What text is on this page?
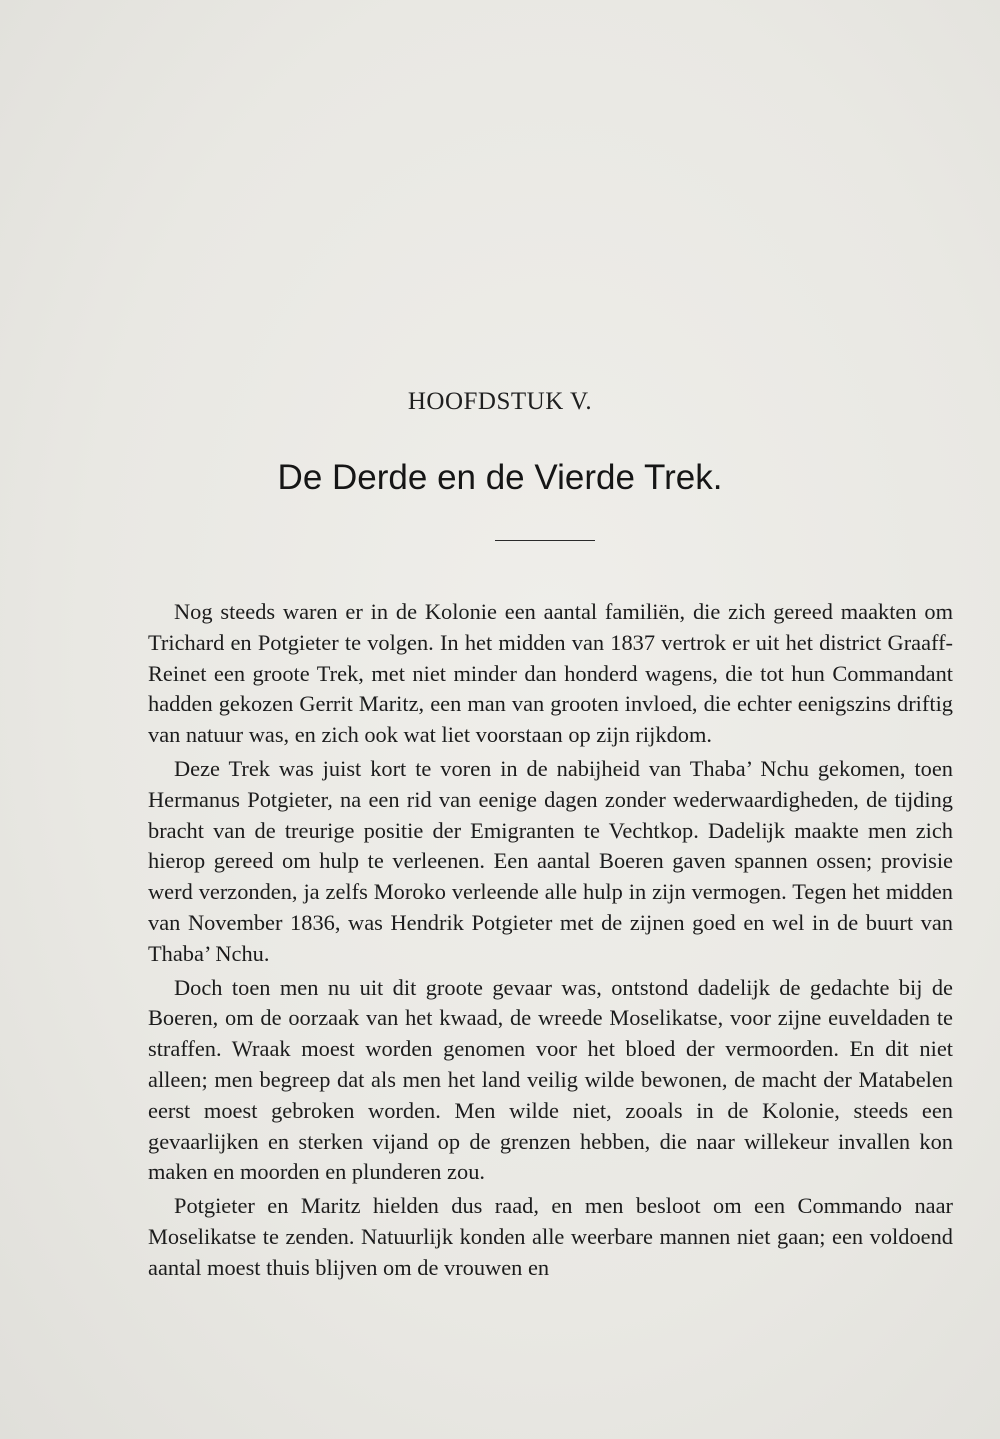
HOOFDSTUK V.
De Derde en de Vierde Trek.

Nog steeds waren er in de Kolonie een aantal familiën, die zich gereed maakten om Trichard en Potgieter te volgen. In het midden van 1837 vertrok er uit het district Graaff-Reinet een groote Trek, met niet minder dan honderd wagens, die tot hun Commandant hadden gekozen Gerrit Maritz, een man van grooten invloed, die echter eenigszins driftig van natuur was, en zich ook wat liet voorstaan op zijn rijkdom.

Deze Trek was juist kort te voren in de nabijheid van Thaba’ Nchu gekomen, toen Hermanus Potgieter, na een rid van eenige dagen zonder wederwaardigheden, de tijding bracht van de treurige positie der Emigranten te Vechtkop. Dadelijk maakte men zich hierop gereed om hulp te verleenen. Een aantal Boeren gaven spannen ossen; provisie werd verzonden, ja zelfs Moroko verleende alle hulp in zijn vermogen. Tegen het midden van November 1836, was Hendrik Potgieter met de zijnen goed en wel in de buurt van Thaba’ Nchu.

Doch toen men nu uit dit groote gevaar was, ontstond dadelijk de gedachte bij de Boeren, om de oorzaak van het kwaad, de wreede Moselikatse, voor zijne euveldaden te straffen. Wraak moest worden genomen voor het bloed der vermoorden. En dit niet alleen; men begreep dat als men het land veilig wilde bewonen, de macht der Matabelen eerst moest gebroken worden. Men wilde niet, zooals in de Kolonie, steeds een gevaarlijken en sterken vijand op de grenzen hebben, die naar willekeur invallen kon maken en moorden en plunderen zou.

Potgieter en Maritz hielden dus raad, en men besloot om een Commando naar Moselikatse te zenden. Natuurlijk konden alle weerbare mannen niet gaan; een voldoend aantal moest thuis blijven om de vrouwen en
